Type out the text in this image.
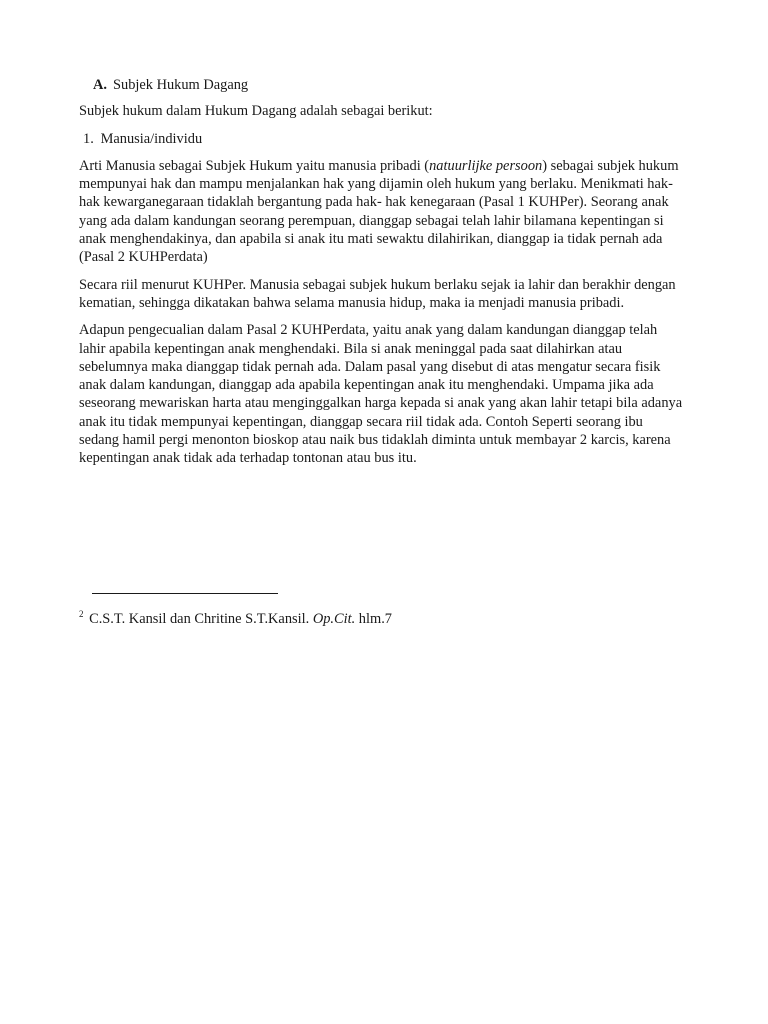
A. Subjek Hukum Dagang

Subjek hukum dalam Hukum Dagang adalah sebagai berikut:

1. Manusia/individu

Arti Manusia sebagai Subjek Hukum yaitu manusia pribadi (natuurlijke persoon) sebagai subjek hukum mempunyai hak dan mampu menjalankan hak yang dijamin oleh hukum yang berlaku. Menikmati hak-hak kewarganegaraan tidaklah bergantung pada hak- hak kenegaraan (Pasal 1 KUHPer). Seorang anak yang ada dalam kandungan seorang perempuan, dianggap sebagai telah lahir bilamana kepentingan si anak menghendakinya, dan apabila si anak itu mati sewaktu dilahirikan, dianggap ia tidak pernah ada (Pasal 2 KUHPerdata)

Secara riil menurut KUHPer. Manusia sebagai subjek hukum berlaku sejak ia lahir dan berakhir dengan kematian, sehingga dikatakan bahwa selama manusia hidup, maka ia menjadi manusia pribadi.

Adapun pengecualian dalam Pasal 2 KUHPerdata, yaitu anak yang dalam kandungan dianggap telah lahir apabila kepentingan anak menghendaki. Bila si anak meninggal pada saat dilahirkan atau sebelumnya maka dianggap tidak pernah ada. Dalam pasal yang disebut di atas mengatur secara fisik anak dalam kandungan, dianggap ada apabila kepentingan anak itu menghendaki. Umpama jika ada seseorang mewariskan harta atau menginggalkan harga kepada si anak yang akan lahir tetapi bila adanya anak itu tidak mempunyai kepentingan, dianggap secara riil tidak ada. Contoh Seperti seorang ibu sedang hamil pergi menonton bioskop atau naik bus tidaklah diminta untuk membayar 2 karcis, karena kepentingan anak tidak ada terhadap tontonan atau bus itu.

$^2$ C.S.T. Kansil dan Chritine S.T.Kansil. Op.Cit. hlm.7
